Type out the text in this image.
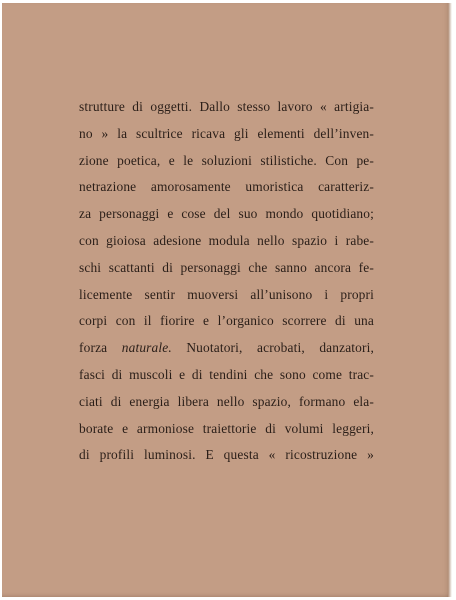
strutture di oggetti. Dallo stesso lavoro « artigia-
no » la scultrice ricava gli elementi dell’inven-
zione poetica, e le soluzioni stilistiche. Con pe-
netrazione amorosamente umoristica caratteriz-
za personaggi e cose del suo mondo quotidiano;
con gioiosa adesione modula nello spazio i rabe-
schi scattanti di personaggi che sanno ancora fe-
licemente sentir muoversi all’unisono i propri
corpi con il fiorire e l’organico scorrere di una
forza naturale. Nuotatori, acrobati, danzatori,
fasci di muscoli e di tendini che sono come trac-
ciati di energia libera nello spazio, formano ela-
borate e armoniose traiettorie di volumi leggeri,
di profili luminosi. E questa « ricostruzione »
